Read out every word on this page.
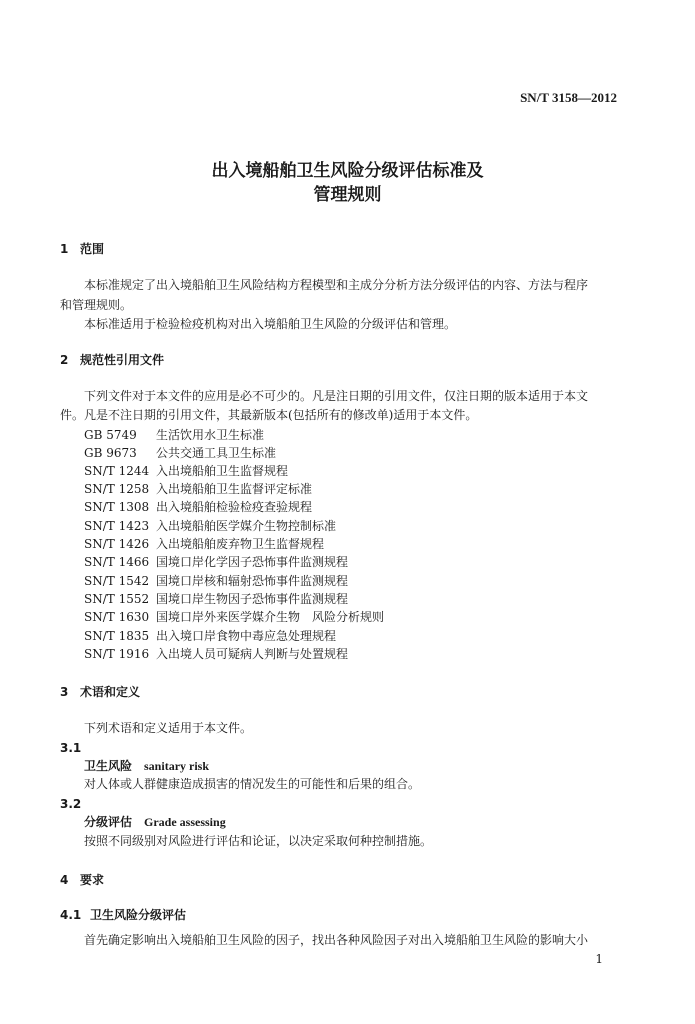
SN/T 3158—2012
出入境船舶卫生风险分级评估标准及
管理规则
1 范围
本标准规定了出入境船舶卫生风险结构方程模型和主成分分析方法分级评估的内容、方法与程序
和管理规则。
本标准适用于检验检疫机构对出入境船舶卫生风险的分级评估和管理。
2 规范性引用文件
下列文件对于本文件的应用是必不可少的。凡是注日期的引用文件，仅注日期的版本适用于本文
件。凡是不注日期的引用文件，其最新版本(包括所有的修改单)适用于本文件。
GB 5749 生活饮用水卫生标准
GB 9673 公共交通工具卫生标准
SN/T 1244 入出境船舶卫生监督规程
SN/T 1258 入出境船舶卫生监督评定标准
SN/T 1308 出入境船舶检验检疫查验规程
SN/T 1423 入出境船舶医学媒介生物控制标准
SN/T 1426 入出境船舶废弃物卫生监督规程
SN/T 1466 国境口岸化学因子恐怖事件监测规程
SN/T 1542 国境口岸核和辐射恐怖事件监测规程
SN/T 1552 国境口岸生物因子恐怖事件监测规程
SN/T 1630 国境口岸外来医学媒介生物　风险分析规则
SN/T 1835 出入境口岸食物中毒应急处理规程
SN/T 1916 入出境人员可疑病人判断与处置规程
3 术语和定义
下列术语和定义适用于本文件。
3.1
卫生风险 sanitary risk
对人体或人群健康造成损害的情况发生的可能性和后果的组合。
3.2
分级评估 Grade assessing
按照不同级别对风险进行评估和论证，以决定采取何种控制措施。
4 要求
4.1 卫生风险分级评估
首先确定影响出入境船舶卫生风险的因子，找出各种风险因子对出入境船舶卫生风险的影响大小
1
